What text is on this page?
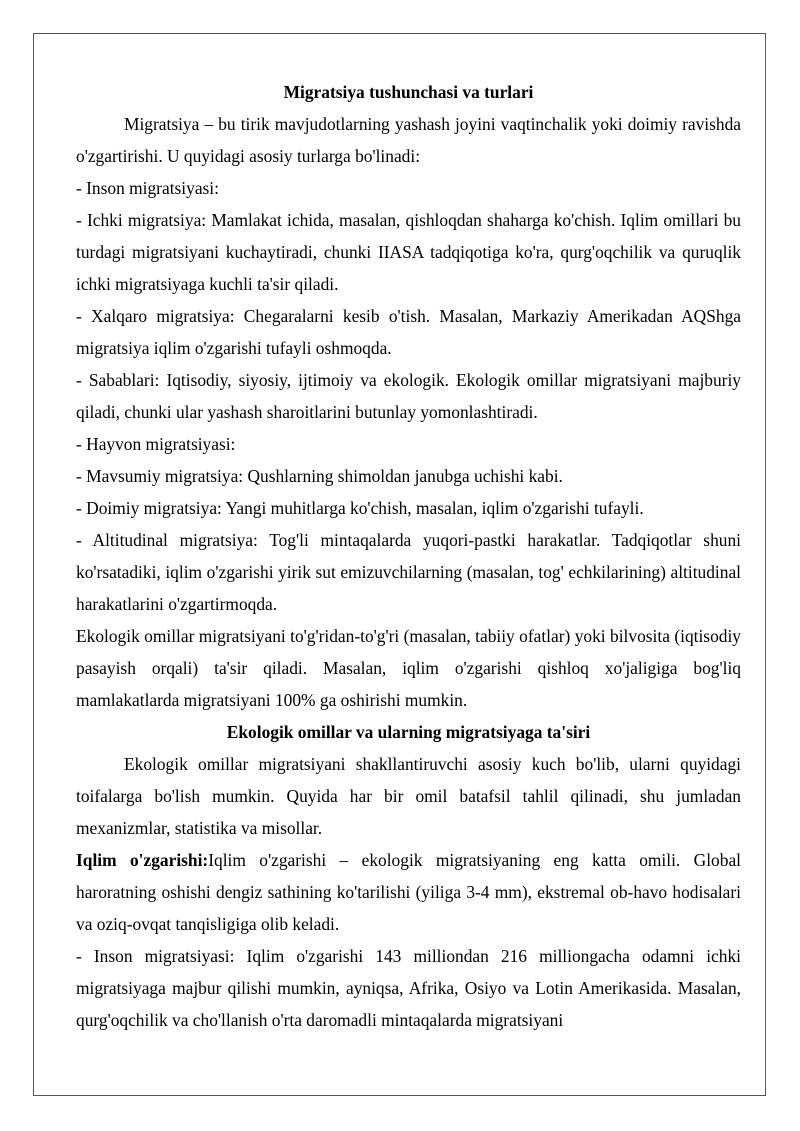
Migratsiya tushunchasi va turlari

Migratsiya – bu tirik mavjudotlarning yashash joyini vaqtinchalik yoki doimiy ravishda o'zgartirishi. U quyidagi asosiy turlarga bo'linadi:

- Inson migratsiyasi:

- Ichki migratsiya: Mamlakat ichida, masalan, qishloqdan shaharga ko'chish. Iqlim omillari bu turdagi migratsiyani kuchaytiradi, chunki IIASA tadqiqotiga ko'ra, qurg'oqchilik va quruqlik ichki migratsiyaga kuchli ta'sir qiladi.

- Xalqaro migratsiya: Chegaralarni kesib o'tish. Masalan, Markaziy Amerikadan AQShga migratsiya iqlim o'zgarishi tufayli oshmoqda.

- Sabablari: Iqtisodiy, siyosiy, ijtimoiy va ekologik. Ekologik omillar migratsiyani majburiy qiladi, chunki ular yashash sharoitlarini butunlay yomonlashtiradi.

- Hayvon migratsiyasi:

- Mavsumiy migratsiya: Qushlarning shimoldan janubga uchishi kabi.

- Doimiy migratsiya: Yangi muhitlarga ko'chish, masalan, iqlim o'zgarishi tufayli.

- Altitudinal migratsiya: Tog'li mintaqalarda yuqori-pastki harakatlar. Tadqiqotlar shuni ko'rsatadiki, iqlim o'zgarishi yirik sut emizuvchilarning (masalan, tog' echkilarining) altitudinal harakatlarini o'zgartirmoqda.

Ekologik omillar migratsiyani to'g'ridan-to'g'ri (masalan, tabiiy ofatlar) yoki bilvosita (iqtisodiy pasayish orqali) ta'sir qiladi. Masalan, iqlim o'zgarishi qishloq xo'jaligiga bog'liq mamlakatlarda migratsiyani 100% ga oshirishi mumkin.

Ekologik omillar va ularning migratsiyaga ta'siri

Ekologik omillar migratsiyani shakllantiruvchi asosiy kuch bo'lib, ularni quyidagi toifalarga bo'lish mumkin. Quyida har bir omil batafsil tahlil qilinadi, shu jumladan mexanizmlar, statistika va misollar.

Iqlim o'zgarishi:Iqlim o'zgarishi – ekologik migratsiyaning eng katta omili. Global haroratning oshishi dengiz sathining ko'tarilishi (yiliga 3-4 mm), ekstremal ob-havo hodisalari va oziq-ovqat tanqisligiga olib keladi.

- Inson migratsiyasi: Iqlim o'zgarishi 143 milliondan 216 milliongacha odamni ichki migratsiyaga majbur qilishi mumkin, ayniqsa, Afrika, Osiyo va Lotin Amerikasida. Masalan, qurg'oqchilik va cho'llanish o'rta daromadli mintaqalarda migratsiyani
